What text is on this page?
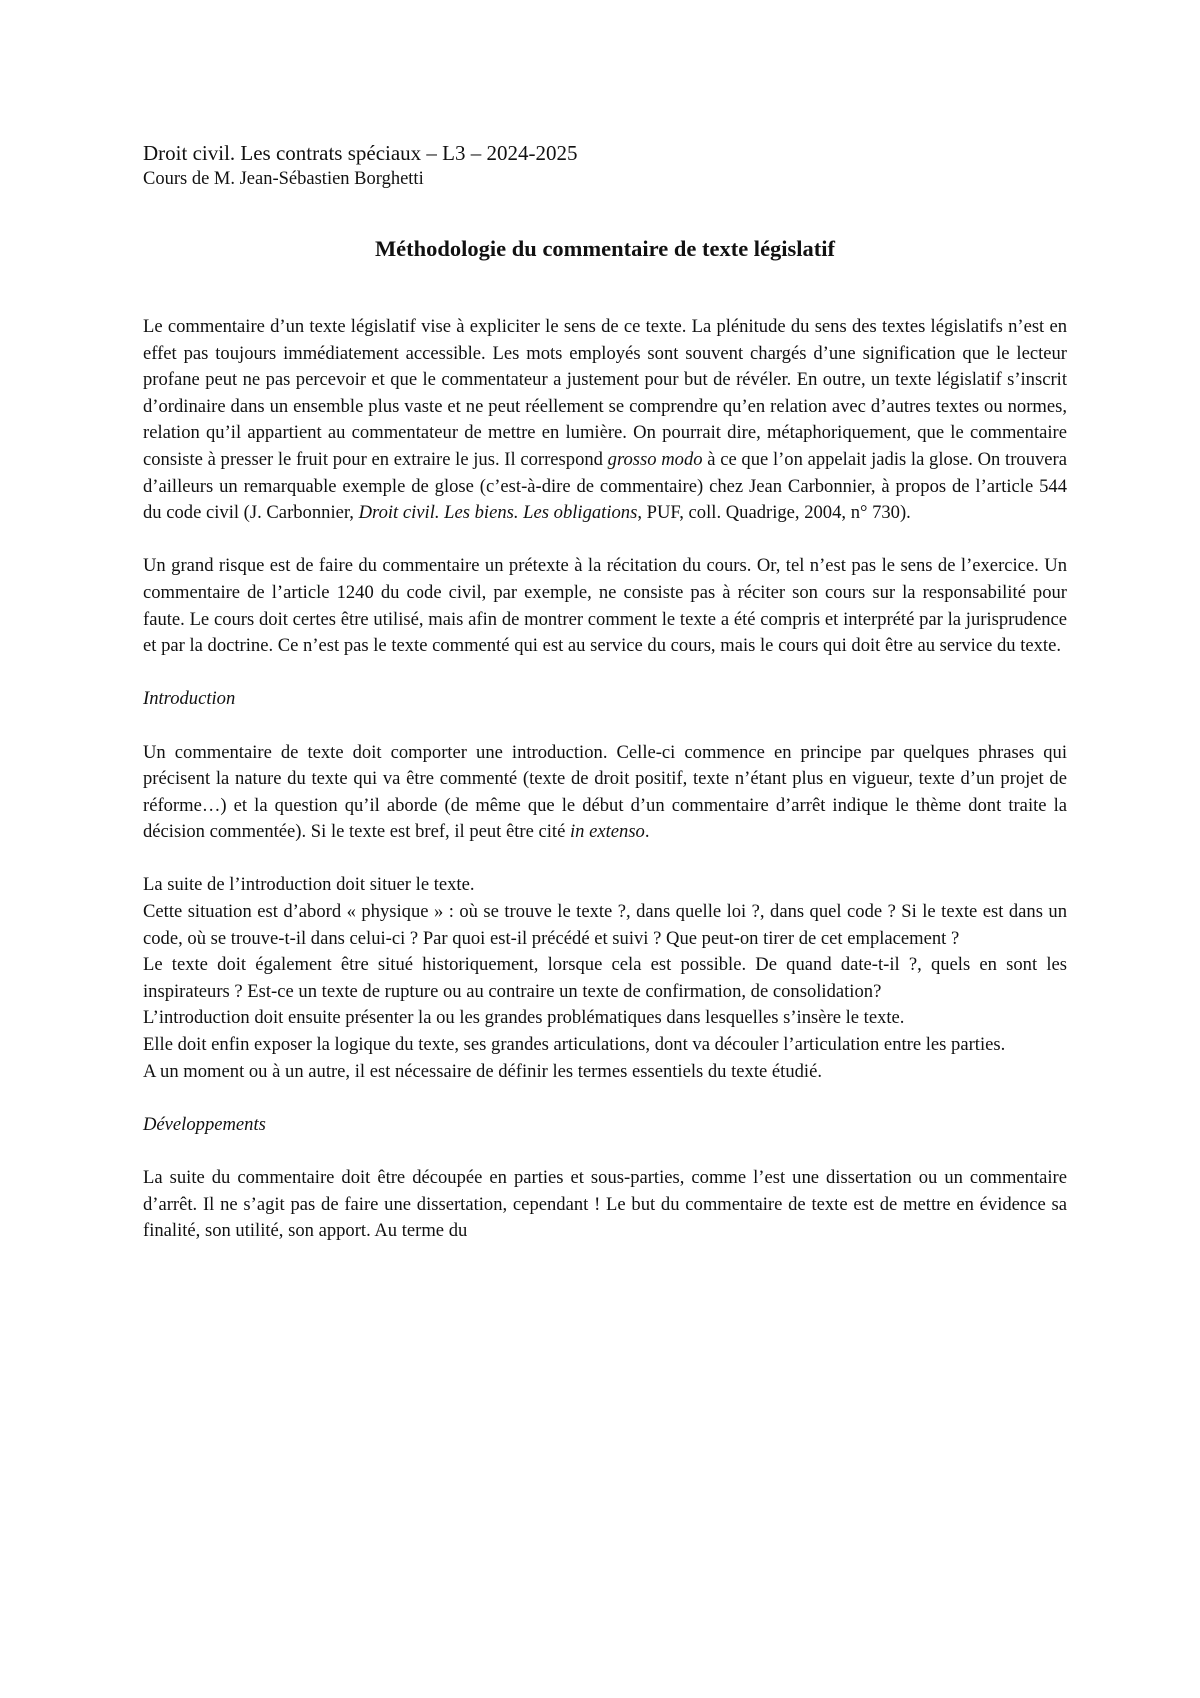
Droit civil. Les contrats spéciaux – L3 – 2024-2025
Cours de M. Jean-Sébastien Borghetti
Méthodologie du commentaire de texte législatif

Le commentaire d’un texte législatif vise à expliciter le sens de ce texte. La plénitude du sens des textes législatifs n’est en effet pas toujours immédiatement accessible. Les mots employés sont souvent chargés d’une signification que le lecteur profane peut ne pas percevoir et que le commentateur a justement pour but de révéler. En outre, un texte législatif s’inscrit d’ordinaire dans un ensemble plus vaste et ne peut réellement se comprendre qu’en relation avec d’autres textes ou normes, relation qu’il appartient au commentateur de mettre en lumière. On pourrait dire, métaphoriquement, que le commentaire consiste à presser le fruit pour en extraire le jus. Il correspond grosso modo à ce que l’on appelait jadis la glose. On trouvera d’ailleurs un remarquable exemple de glose (c’est-à-dire de commentaire) chez Jean Carbonnier, à propos de l’article 544 du code civil (J. Carbonnier, Droit civil. Les biens. Les obligations, PUF, coll. Quadrige, 2004, n° 730).

Un grand risque est de faire du commentaire un prétexte à la récitation du cours. Or, tel n’est pas le sens de l’exercice. Un commentaire de l’article 1240 du code civil, par exemple, ne consiste pas à réciter son cours sur la responsabilité pour faute. Le cours doit certes être utilisé, mais afin de montrer comment le texte a été compris et interprété par la jurisprudence et par la doctrine. Ce n’est pas le texte commenté qui est au service du cours, mais le cours qui doit être au service du texte.

Introduction

Un commentaire de texte doit comporter une introduction. Celle-ci commence en principe par quelques phrases qui précisent la nature du texte qui va être commenté (texte de droit positif, texte n’étant plus en vigueur, texte d’un projet de réforme…) et la question qu’il aborde (de même que le début d’un commentaire d’arrêt indique le thème dont traite la décision commentée). Si le texte est bref, il peut être cité in extenso.

La suite de l’introduction doit situer le texte.

Cette situation est d’abord « physique » : où se trouve le texte ?, dans quelle loi ?, dans quel code ? Si le texte est dans un code, où se trouve-t-il dans celui-ci ? Par quoi est-il précédé et suivi ? Que peut-on tirer de cet emplacement ?

Le texte doit également être situé historiquement, lorsque cela est possible. De quand date-t-il ?, quels en sont les inspirateurs ? Est-ce un texte de rupture ou au contraire un texte de confirmation, de consolidation?

L’introduction doit ensuite présenter la ou les grandes problématiques dans lesquelles s’insère le texte.

Elle doit enfin exposer la logique du texte, ses grandes articulations, dont va découler l’articulation entre les parties.

A un moment ou à un autre, il est nécessaire de définir les termes essentiels du texte étudié.

Développements

La suite du commentaire doit être découpée en parties et sous-parties, comme l’est une dissertation ou un commentaire d’arrêt. Il ne s’agit pas de faire une dissertation, cependant ! Le but du commentaire de texte est de mettre en évidence sa finalité, son utilité, son apport. Au terme du
